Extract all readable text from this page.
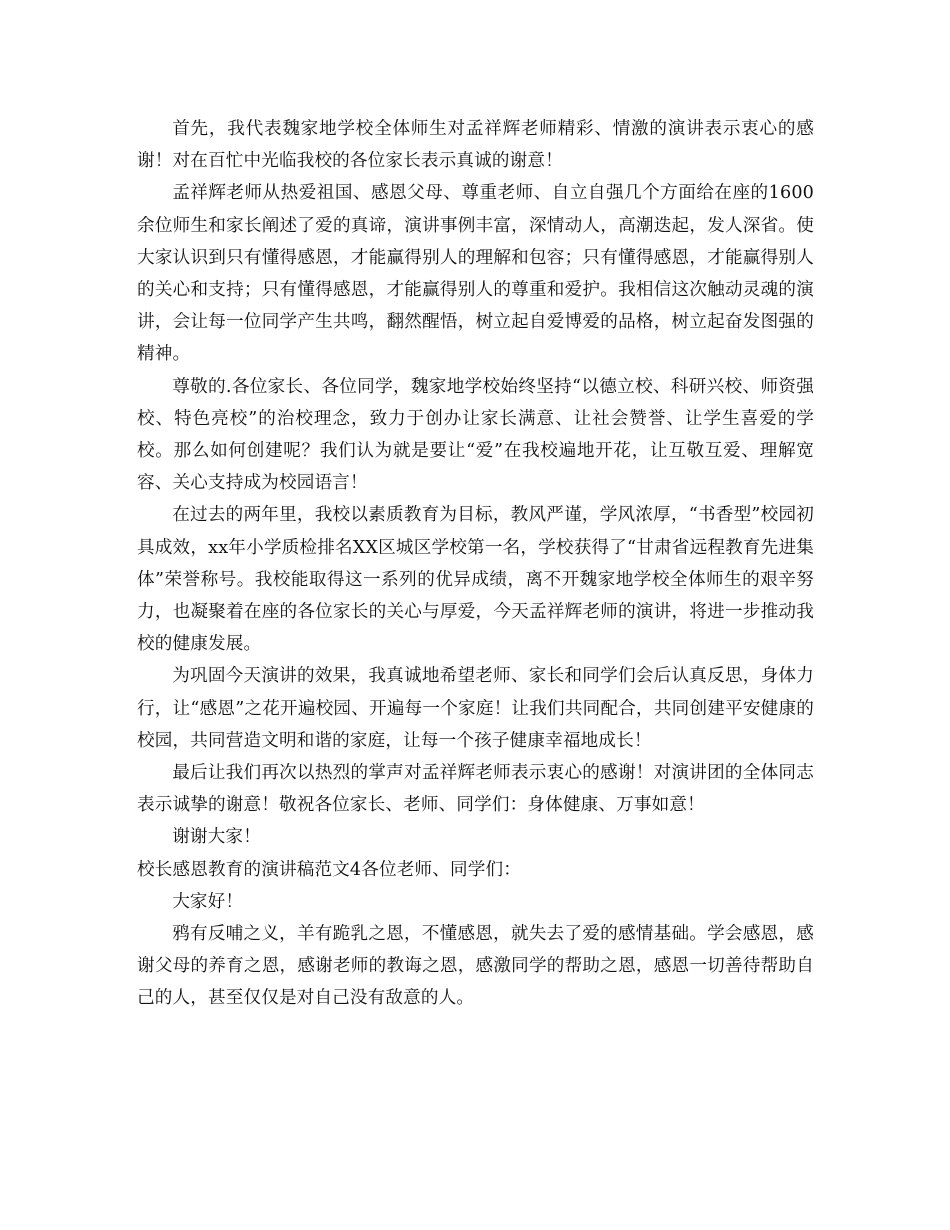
首先，我代表魏家地学校全体师生对孟祥辉老师精彩、情激的演讲表示衷心的感谢！对在百忙中光临我校的各位家长表示真诚的谢意！

孟祥辉老师从热爱祖国、感恩父母、尊重老师、自立自强几个方面给在座的1600余位师生和家长阐述了爱的真谛，演讲事例丰富，深情动人，高潮迭起，发人深省。使大家认识到只有懂得感恩，才能赢得别人的理解和包容；只有懂得感恩，才能赢得别人的关心和支持；只有懂得感恩，才能赢得别人的尊重和爱护。我相信这次触动灵魂的演讲，会让每一位同学产生共鸣，翻然醒悟，树立起自爱博爱的品格，树立起奋发图强的精神。

尊敬的.各位家长、各位同学，魏家地学校始终坚持“以德立校、科研兴校、师资强校、特色亮校”的治校理念，致力于创办让家长满意、让社会赞誉、让学生喜爱的学校。那么如何创建呢？我们认为就是要让“爱”在我校遍地开花，让互敬互爱、理解宽容、关心支持成为校园语言！

在过去的两年里，我校以素质教育为目标，教风严谨，学风浓厚，“书香型”校园初具成效，xx年小学质检排名XX区城区学校第一名，学校获得了“甘肃省远程教育先进集体”荣誉称号。我校能取得这一系列的优异成绩，离不开魏家地学校全体师生的艰辛努力，也凝聚着在座的各位家长的关心与厚爱，今天孟祥辉老师的演讲，将进一步推动我校的健康发展。

为巩固今天演讲的效果，我真诚地希望老师、家长和同学们会后认真反思，身体力行，让“感恩”之花开遍校园、开遍每一个家庭！让我们共同配合，共同创建平安健康的校园，共同营造文明和谐的家庭，让每一个孩子健康幸福地成长！

最后让我们再次以热烈的掌声对孟祥辉老师表示衷心的感谢！对演讲团的全体同志表示诚挚的谢意！敬祝各位家长、老师、同学们：身体健康、万事如意！

谢谢大家！

校长感恩教育的演讲稿范文4各位老师、同学们：

大家好！

鸦有反哺之义，羊有跪乳之恩，不懂感恩，就失去了爱的感情基础。学会感恩，感谢父母的养育之恩，感谢老师的教诲之恩，感激同学的帮助之恩，感恩一切善待帮助自己的人，甚至仅仅是对自己没有敌意的人。
